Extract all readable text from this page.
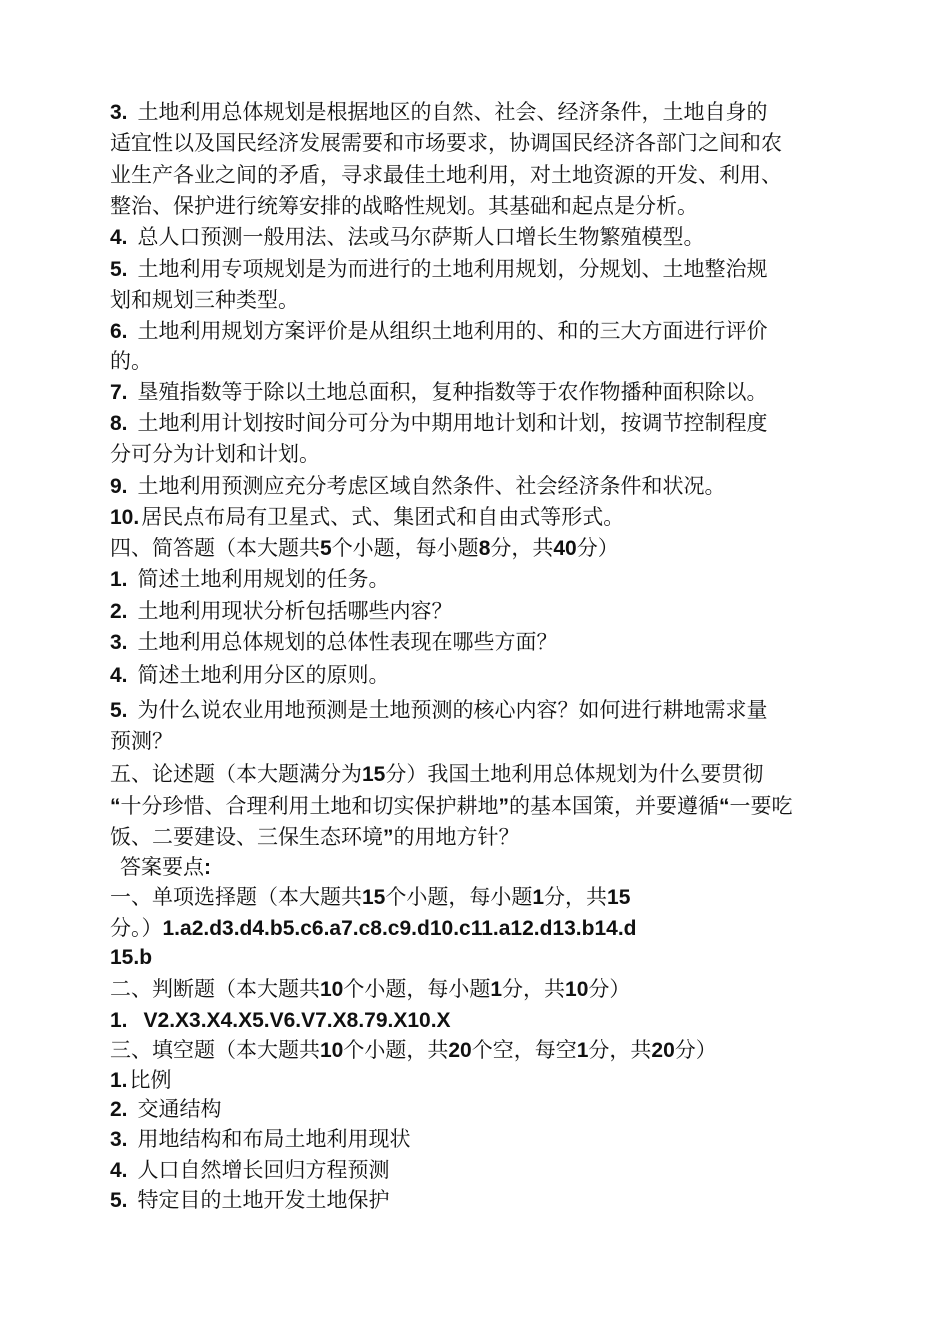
3. 土地利用总体规划是根据地区的自然、社会、经济条件，土地自身的
适宜性以及国民经济发展需要和市场要求，协调国民经济各部门之间和农
业生产各业之间的矛盾，寻求最佳土地利用，对土地资源的开发、利用、
整治、保护进行统筹安排的战略性规划。其基础和起点是分析。
4. 总人口预测一般用法、法或马尔萨斯人口增长生物繁殖模型。
5. 土地利用专项规划是为而进行的土地利用规划，分规划、土地整治规
划和规划三种类型。
6. 土地利用规划方案评价是从组织土地利用的、和的三大方面进行评价
的。
7. 垦殖指数等于除以土地总面积，复种指数等于农作物播种面积除以。
8. 土地利用计划按时间分可分为中期用地计划和计划，按调节控制程度
分可分为计划和计划。
9. 土地利用预测应充分考虑区域自然条件、社会经济条件和状况。
10.居民点布局有卫星式、式、集团式和自由式等形式。
四、简答题（本大题共5个小题，每小题8分，共40分）
1. 简述土地利用规划的任务。
2. 土地利用现状分析包括哪些内容？
3. 土地利用总体规划的总体性表现在哪些方面？
4. 简述土地利用分区的原则。
5. 为什么说农业用地预测是土地预测的核心内容？如何进行耕地需求量
预测？
五、论述题（本大题满分为15分）我国土地利用总体规划为什么要贯彻
“十分珍惜、合理利用土地和切实保护耕地”的基本国策，并要遵循“一要吃
饭、二要建设、三保生态环境”的用地方针？
答案要点:
一、单项选择题（本大题共15个小题，每小题1分，共15
分。）1.a2.d3.d4.b5.c6.a7.c8.c9.d10.c11.a12.d13.b14.d
15.b
二、判断题（本大题共10个小题，每小题1分，共10分）
1. V2.X3.X4.X5.V6.V7.X8.79.X10.X
三、填空题（本大题共10个小题，共20个空，每空1分，共20分）
1.比例
2. 交通结构
3. 用地结构和布局土地利用现状
4. 人口自然增长回归方程预测
5. 特定目的土地开发土地保护
